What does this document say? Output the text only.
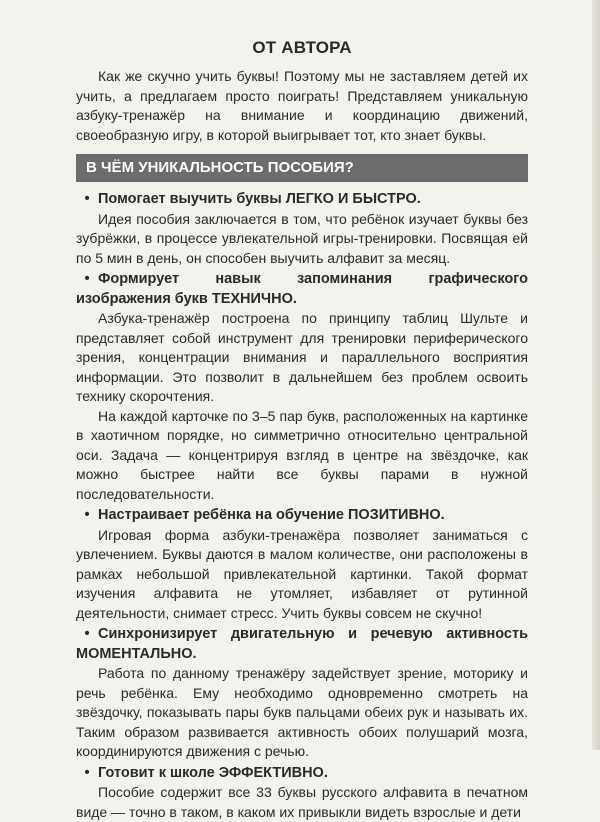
ОТ АВТОРА

Как же скучно учить буквы! Поэтому мы не заставляем детей их учить, а предлагаем просто поиграть! Представляем уникальную азбуку-тренажёр на внимание и координацию движений, своеобразную игру, в которой выигрывает тот, кто знает буквы.

В ЧЁМ УНИКАЛЬНОСТЬ ПОСОБИЯ?
• Помогает выучить буквы ЛЕГКО И БЫСТРО.

Идея пособия заключается в том, что ребёнок изучает буквы без зубрёжки, в процессе увлекательной игры-тренировки. Посвящая ей по 5 мин в день, он способен выучить алфавит за месяц.

• Формирует навык запоминания графического изображения букв ТЕХНИЧНО.

Азбука-тренажёр построена по принципу таблиц Шульте и представляет собой инструмент для тренировки периферического зрения, концентрации внимания и параллельного восприятия информации. Это позволит в дальнейшем без проблем освоить технику скорочтения.

На каждой карточке по 3–5 пар букв, расположенных на картинке в хаотичном порядке, но симметрично относительно центральной оси. Задача — концентрируя взгляд в центре на звёздочке, как можно быстрее найти все буквы парами в нужной последовательности.

• Настраивает ребёнка на обучение ПОЗИТИВНО.

Игровая форма азбуки-тренажёра позволяет заниматься с увлечением. Буквы даются в малом количестве, они расположены в рамках небольшой привлекательной картинки. Такой формат изучения алфавита не утомляет, избавляет от рутинной деятельности, снимает стресс. Учить буквы совсем не скучно!

• Синхронизирует двигательную и речевую активность МОМЕНТАЛЬНО.

Работа по данному тренажёру задействует зрение, моторику и речь ребёнка. Ему необходимо одновременно смотреть на звёздочку, показывать пары букв пальцами обеих рук и называть их. Таким образом развивается активность обоих полушарий мозга, координируются движения с речью.

• Готовит к школе ЭФФЕКТИВНО.

Пособие содержит все 33 буквы русского алфавита в печатном виде — точно в таком, в каком их привыкли видеть взрослые и дети
